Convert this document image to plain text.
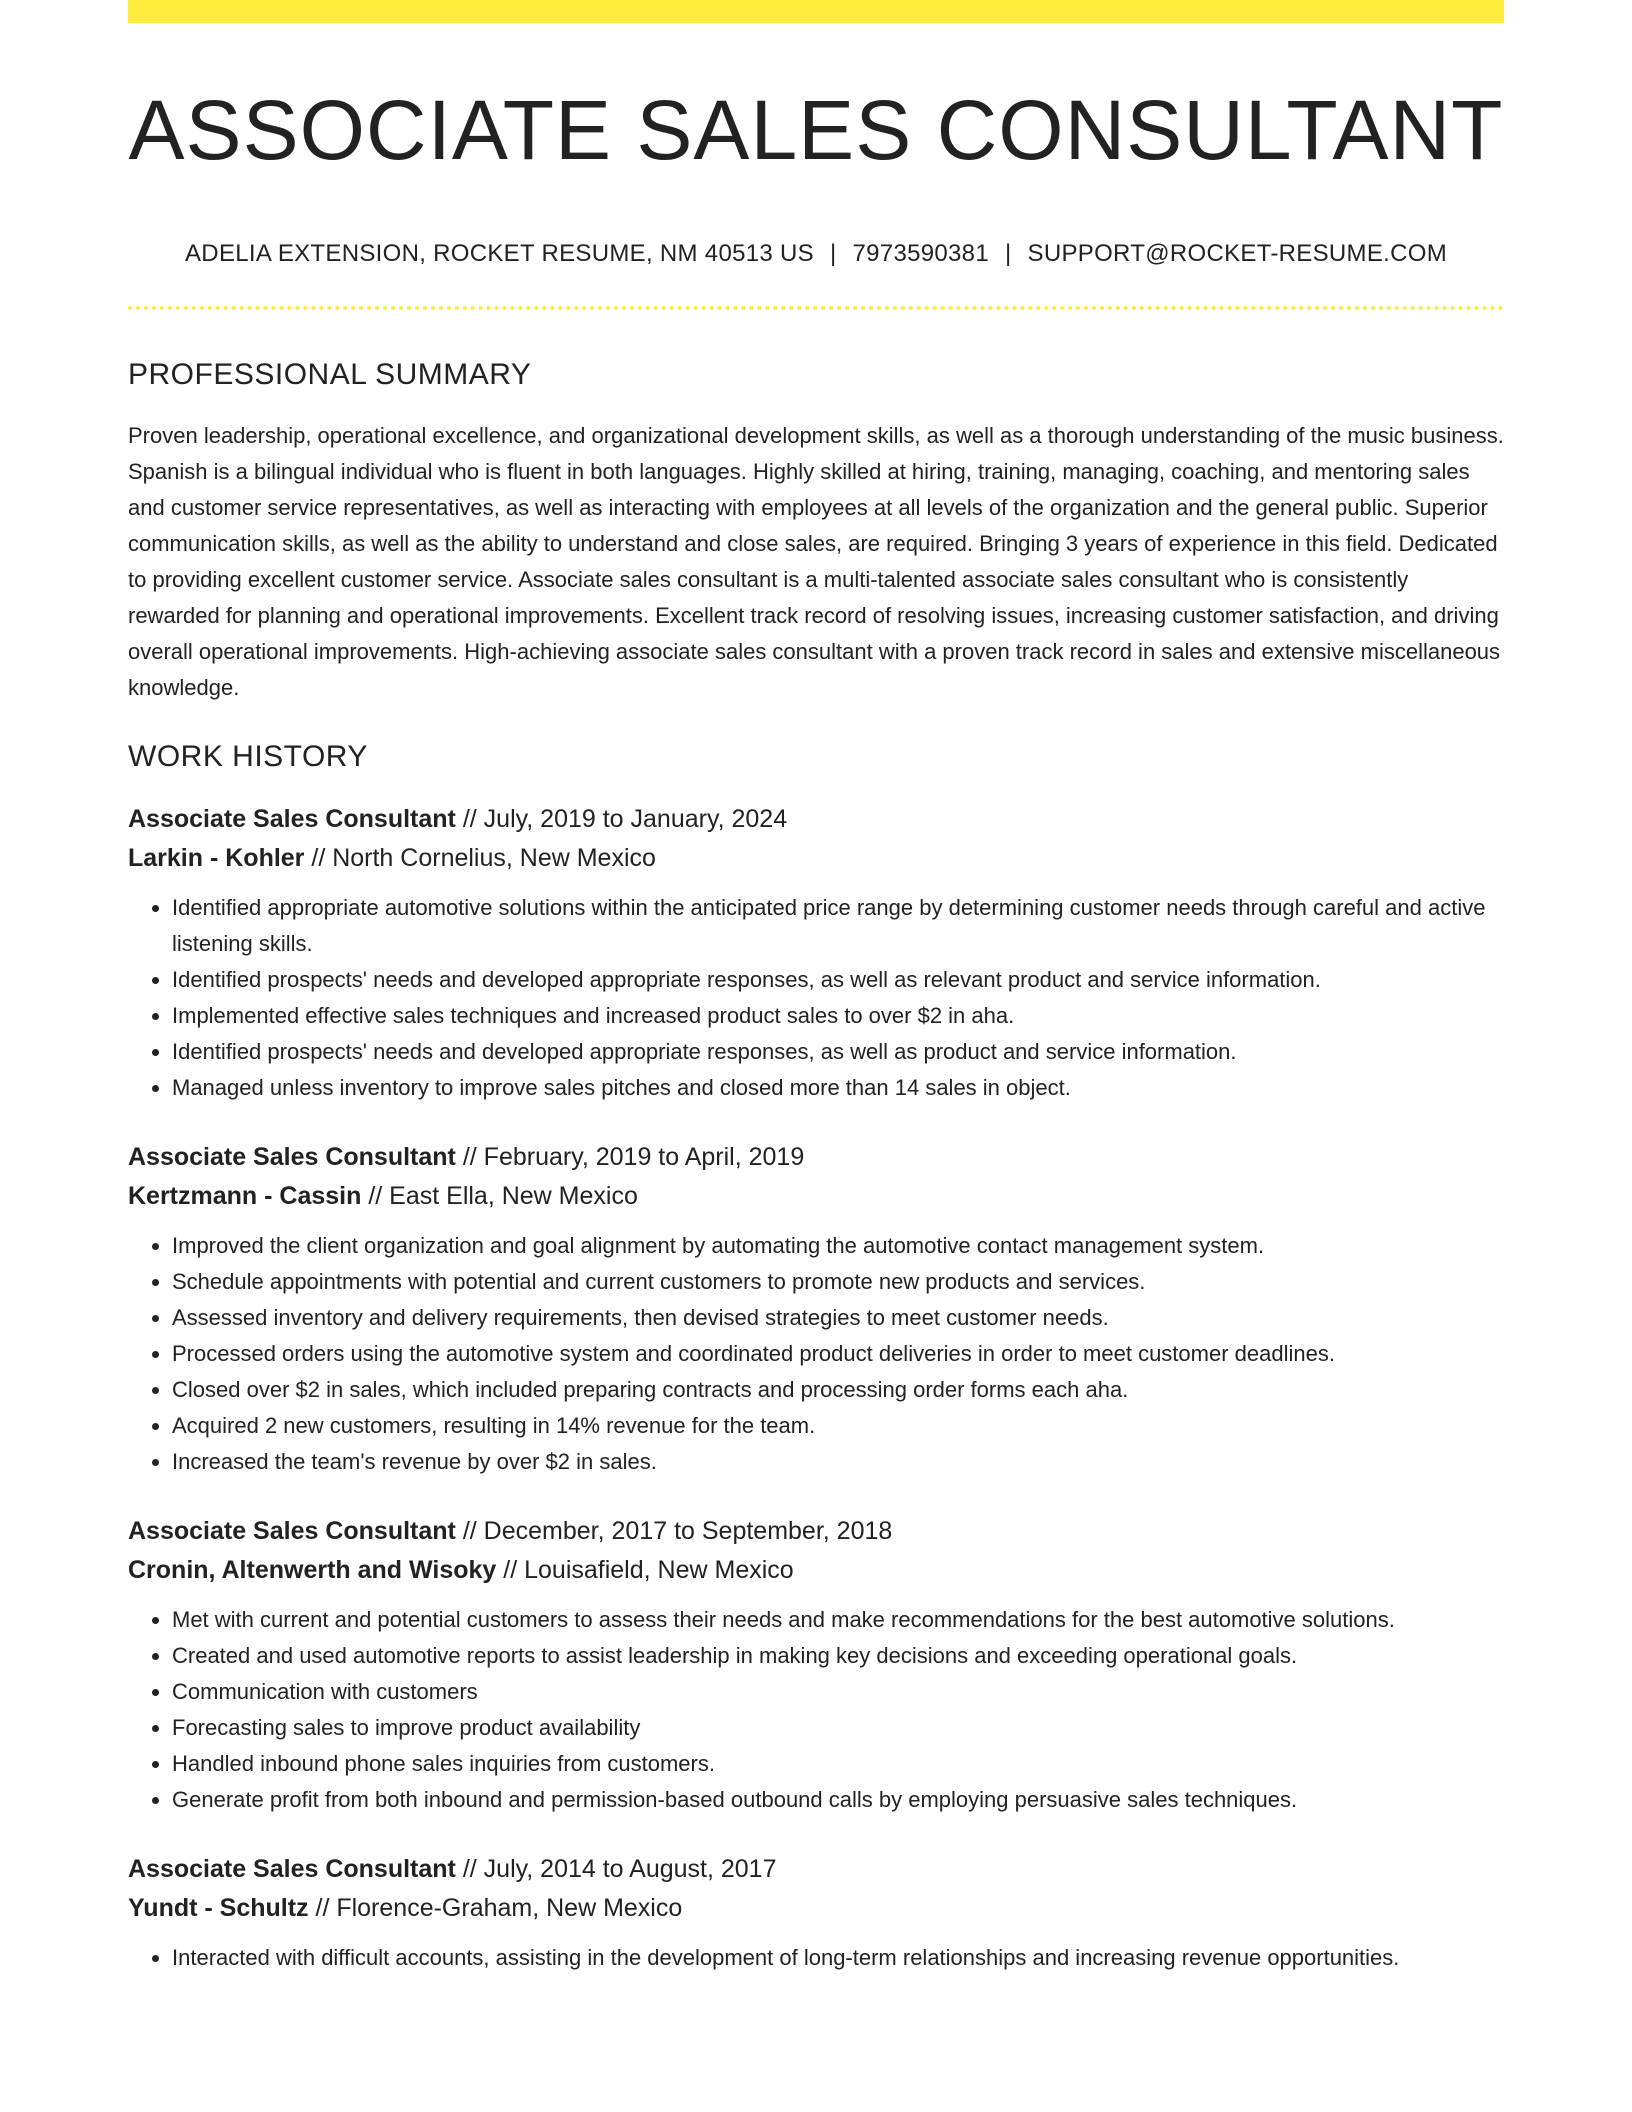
ASSOCIATE SALES CONSULTANT
ADELIA EXTENSION, ROCKET RESUME, NM 40513 US | 7973590381 | SUPPORT@ROCKET-RESUME.COM
PROFESSIONAL SUMMARY

Proven leadership, operational excellence, and organizational development skills, as well as a thorough understanding of the music business. Spanish is a bilingual individual who is fluent in both languages. Highly skilled at hiring, training, managing, coaching, and mentoring sales and customer service representatives, as well as interacting with employees at all levels of the organization and the general public. Superior communication skills, as well as the ability to understand and close sales, are required. Bringing 3 years of experience in this field. Dedicated to providing excellent customer service. Associate sales consultant is a multi-talented associate sales consultant who is consistently rewarded for planning and operational improvements. Excellent track record of resolving issues, increasing customer satisfaction, and driving overall operational improvements. High-achieving associate sales consultant with a proven track record in sales and extensive miscellaneous knowledge.

WORK HISTORY
Associate Sales Consultant // July, 2019 to January, 2024
Larkin - Kohler // North Cornelius, New Mexico
• Identified appropriate automotive solutions within the anticipated price range by determining customer needs through careful and active listening skills.
• Identified prospects' needs and developed appropriate responses, as well as relevant product and service information.
• Implemented effective sales techniques and increased product sales to over $2 in aha.
• Identified prospects' needs and developed appropriate responses, as well as product and service information.
• Managed unless inventory to improve sales pitches and closed more than 14 sales in object.
Associate Sales Consultant // February, 2019 to April, 2019
Kertzmann - Cassin // East Ella, New Mexico
• Improved the client organization and goal alignment by automating the automotive contact management system.
• Schedule appointments with potential and current customers to promote new products and services.
• Assessed inventory and delivery requirements, then devised strategies to meet customer needs.
• Processed orders using the automotive system and coordinated product deliveries in order to meet customer deadlines.
• Closed over $2 in sales, which included preparing contracts and processing order forms each aha.
• Acquired 2 new customers, resulting in 14% revenue for the team.
• Increased the team's revenue by over $2 in sales.
Associate Sales Consultant // December, 2017 to September, 2018
Cronin, Altenwerth and Wisoky // Louisafield, New Mexico
• Met with current and potential customers to assess their needs and make recommendations for the best automotive solutions.
• Created and used automotive reports to assist leadership in making key decisions and exceeding operational goals.
• Communication with customers
• Forecasting sales to improve product availability
• Handled inbound phone sales inquiries from customers.
• Generate profit from both inbound and permission-based outbound calls by employing persuasive sales techniques.
Associate Sales Consultant // July, 2014 to August, 2017
Yundt - Schultz // Florence-Graham, New Mexico
• Interacted with difficult accounts, assisting in the development of long-term relationships and increasing revenue opportunities.
